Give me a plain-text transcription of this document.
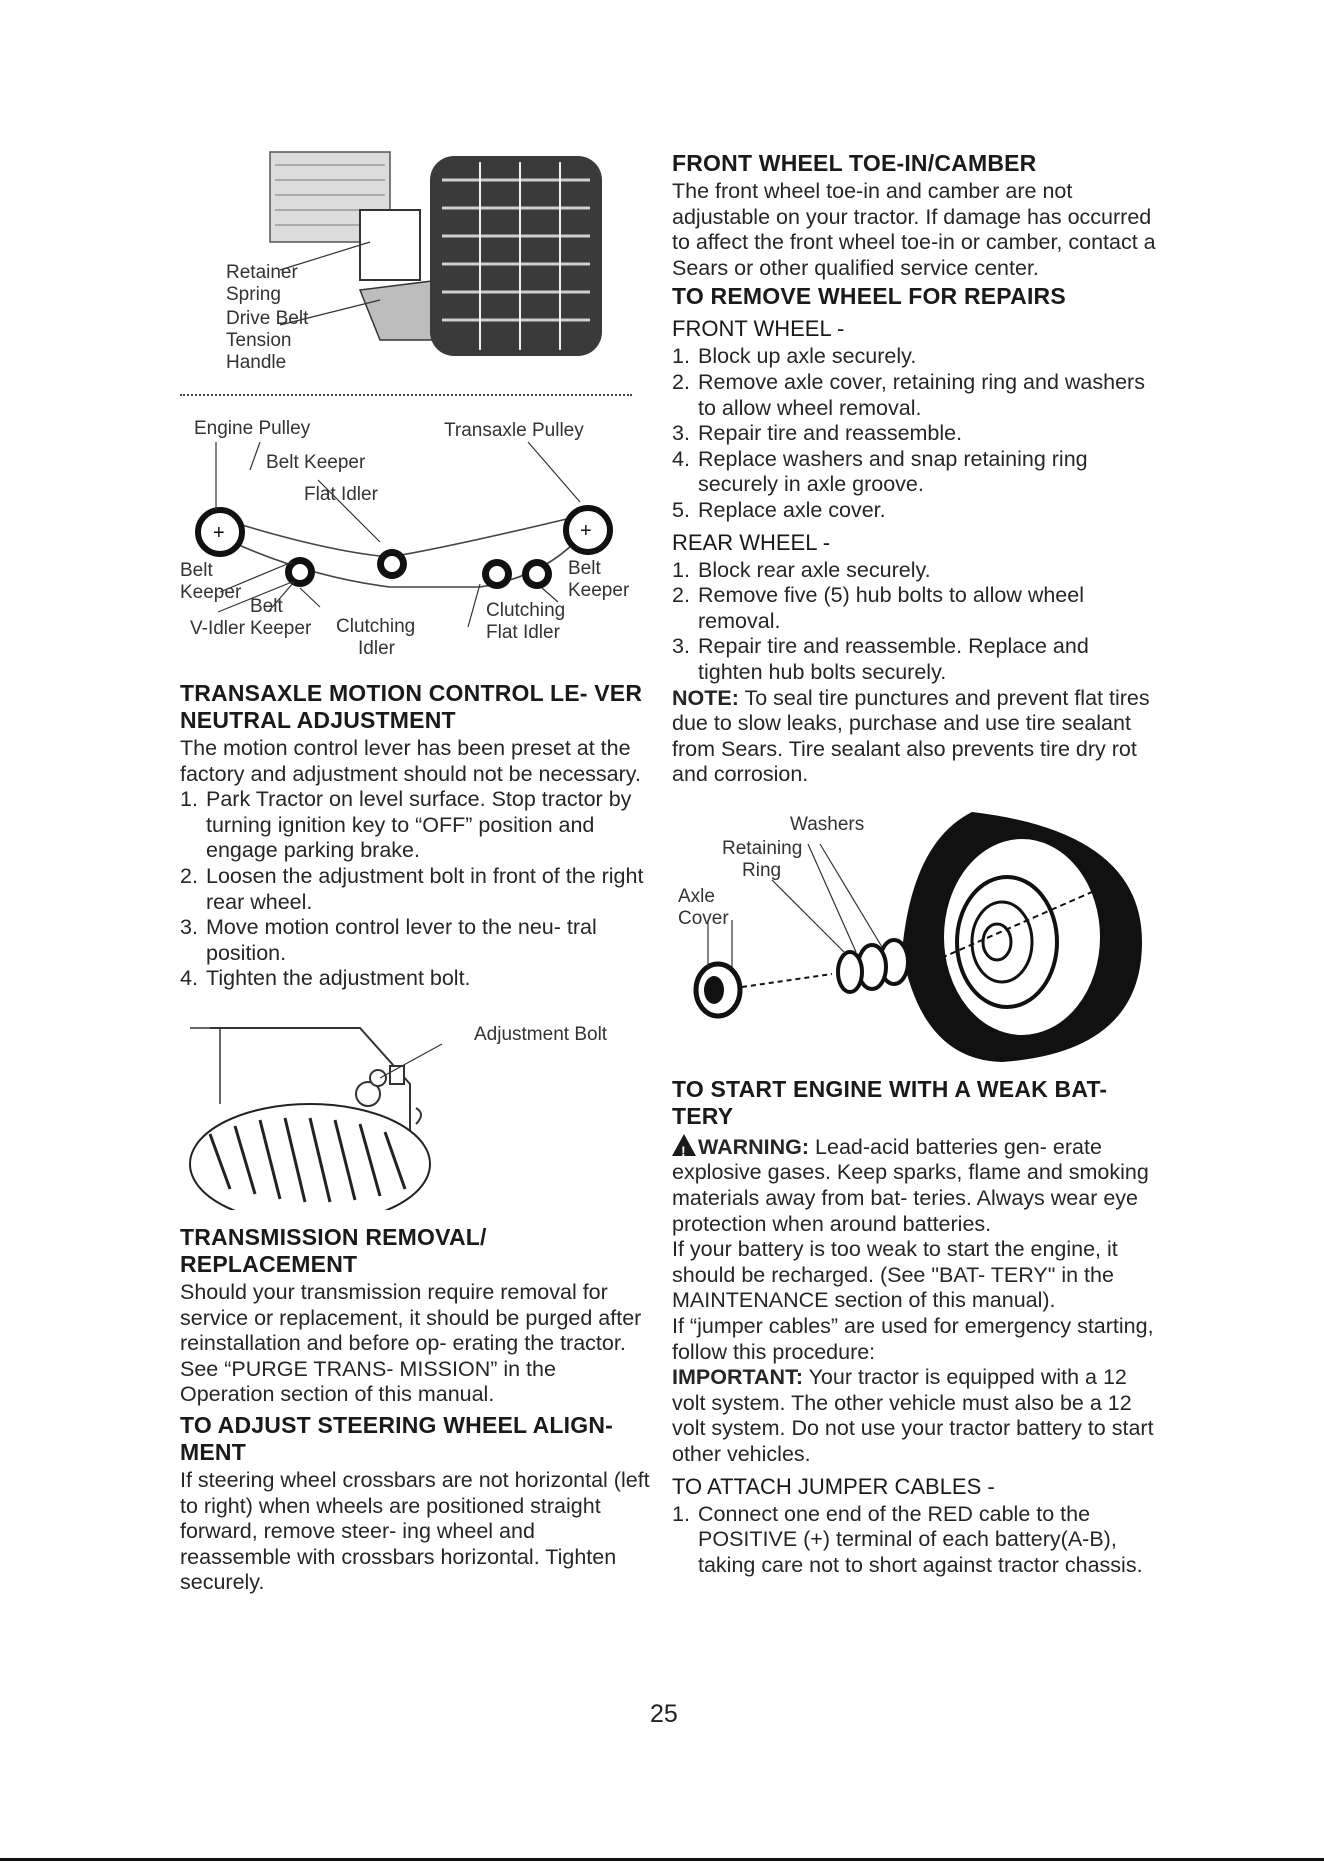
Retainer
Spring
Drive Belt
Tension
Handle
+	+
Engine Pulley	Transaxle Pulley
Belt Keeper
Flat Idler
Belt
Keeper
Belt
Keeper
Belt
Keeper
V-Idler	Clutching
Idler
Clutching
Flat Idler
TRANSAXLE MOTION CONTROL LE- VER NEUTRAL ADJUSTMENT

The motion control lever has been preset at the factory and adjustment should not be necessary.

1. Park Tractor on level surface. Stop tractor by turning ignition key to “OFF” position and engage parking brake.
2. Loosen the adjustment bolt in front of the right rear wheel.
3. Move motion control lever to the neu- tral position.
4. Tighten the adjustment bolt.
Adjustment Bolt
TRANSMISSION REMOVAL/ REPLACEMENT

Should your transmission require removal for service or replacement, it should be purged after reinstallation and before op- erating the tractor. See “PURGE TRANS- MISSION” in the Operation section of this manual.

TO ADJUST STEERING WHEEL ALIGN- MENT

If steering wheel crossbars are not horizontal (left to right) when wheels are positioned straight forward, remove steer- ing wheel and reassemble with crossbars horizontal. Tighten securely.

FRONT WHEEL TOE-IN/CAMBER

The front wheel toe-in and camber are not adjustable on your tractor. If damage has occurred to affect the front wheel toe-in or camber, contact a Sears or other qualified service center.

TO REMOVE WHEEL FOR REPAIRS
FRONT WHEEL -
1. Block up axle securely.
2. Remove axle cover, retaining ring and washers to allow wheel removal.
3. Repair tire and reassemble.
4. Replace washers and snap retaining ring securely in axle groove.
5. Replace axle cover.
REAR WHEEL -
1. Block rear axle securely.
2. Remove five (5) hub bolts to allow wheel removal.
3. Repair tire and reassemble. Replace and tighten hub bolts securely.

NOTE: To seal tire punctures and prevent flat tires due to slow leaks, purchase and use tire sealant from Sears. Tire sealant also prevents tire dry rot and corrosion.

Washers
Retaining
Ring
Axle
Cover
TO START ENGINE WITH A WEAK BAT- TERY

! WARNING: Lead-acid batteries gen- erate explosive gases. Keep sparks, flame and smoking materials away from bat- teries. Always wear eye protection when around batteries.

If your battery is too weak to start the engine, it should be recharged. (See "BAT- TERY" in the MAINTENANCE section of this manual).

If “jumper cables” are used for emergency starting, follow this procedure:

IMPORTANT: Your tractor is equipped with a 12 volt system. The other vehicle must also be a 12 volt system. Do not use your tractor battery to start other vehicles.

TO ATTACH JUMPER CABLES -
1. Connect one end of the RED cable to the POSITIVE (+) terminal of each battery(A-B), taking care not to short against tractor chassis.
25
